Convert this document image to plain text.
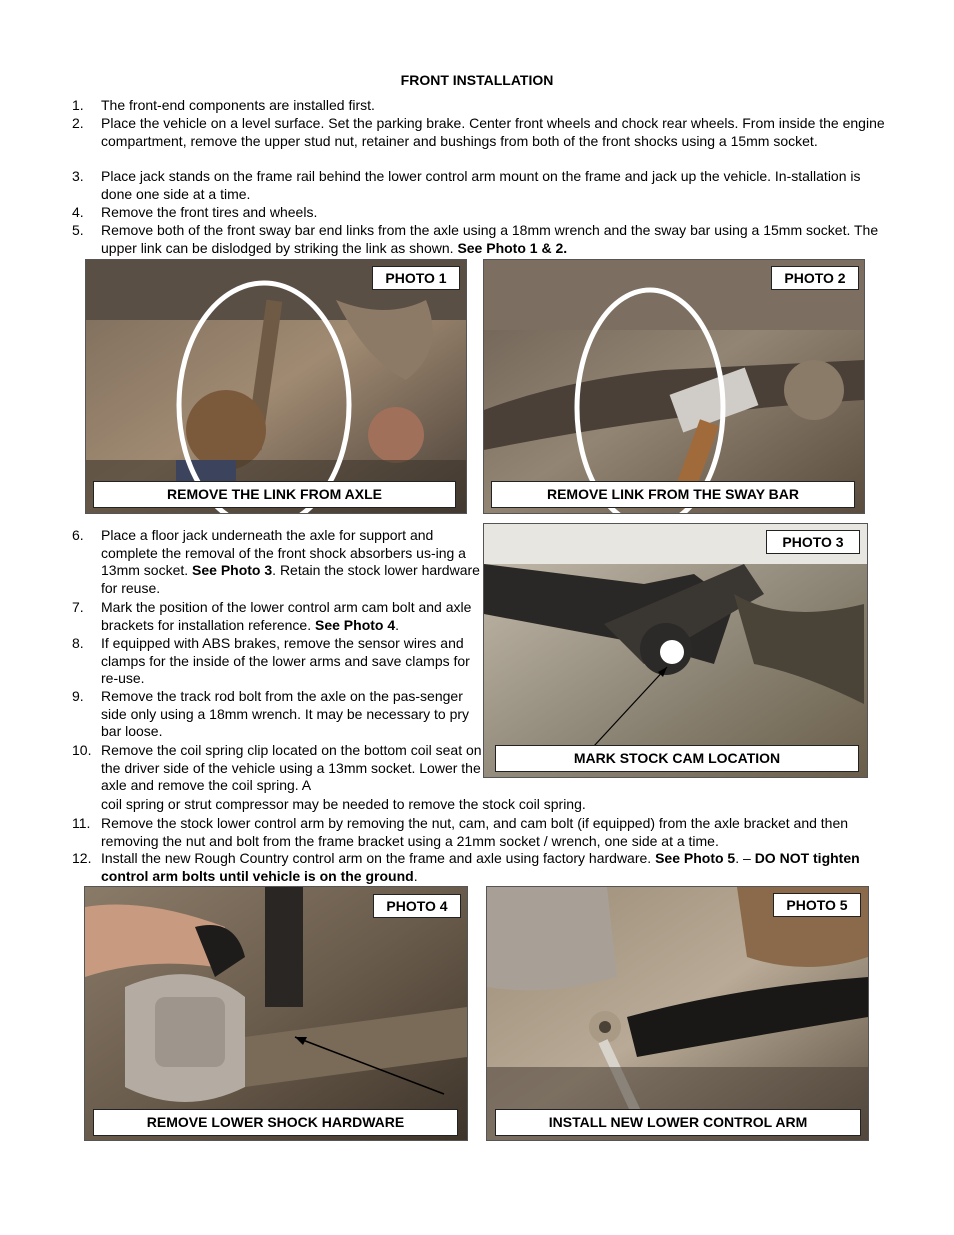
FRONT INSTALLATION
1.	The front-end components are installed first.
2.	Place the vehicle on a level surface. Set the parking brake. Center front wheels and chock rear wheels. From inside the engine compartment, remove the upper stud nut, retainer and bushings from both of the front shocks using a 15mm socket.
3.	Place jack stands on the frame rail behind the lower control arm mount on the frame and jack up the vehicle. In-stallation is done one side at a time.
4.	Remove the front tires and wheels.
5.	Remove both of the front sway bar end links from the axle using a 18mm wrench and the sway bar using a 15mm socket. The upper link can be dislodged by striking the link as shown. See Photo 1 & 2.
PHOTO 1
REMOVE THE LINK FROM AXLE
PHOTO 2
REMOVE LINK FROM THE SWAY BAR
6.	Place a floor jack underneath the axle for support and complete the removal of the front shock absorbers us-ing a 13mm socket. See Photo 3. Retain the stock lower hardware for reuse.
7.	Mark the position of the lower control arm cam bolt and axle brackets for installation reference. See Photo 4.
8.	If equipped with ABS brakes, remove the sensor wires and clamps for the inside of the lower arms and save clamps for re-use.
9.	Remove the track rod bolt from the axle on the pas-senger side only using a 18mm wrench. It may be necessary to pry bar loose.
10. Remove the coil spring clip located on the bottom coil seat on the driver side of the vehicle using a 13mm socket. Lower the axle and remove the coil spring. A
coil spring or strut compressor may be needed to remove the stock coil spring.
PHOTO 3
MARK STOCK CAM LOCATION
11. Remove the stock lower control arm by removing the nut, cam, and cam bolt (if equipped) from the axle bracket and then removing the nut and bolt from the frame bracket using a 21mm socket / wrench, one side at a time.
12. Install the new Rough Country control arm on the frame and axle using factory hardware. See Photo 5. – DO NOT tighten control arm bolts until vehicle is on the ground.
PHOTO 4
REMOVE LOWER SHOCK HARDWARE
PHOTO 5
INSTALL NEW LOWER CONTROL ARM
